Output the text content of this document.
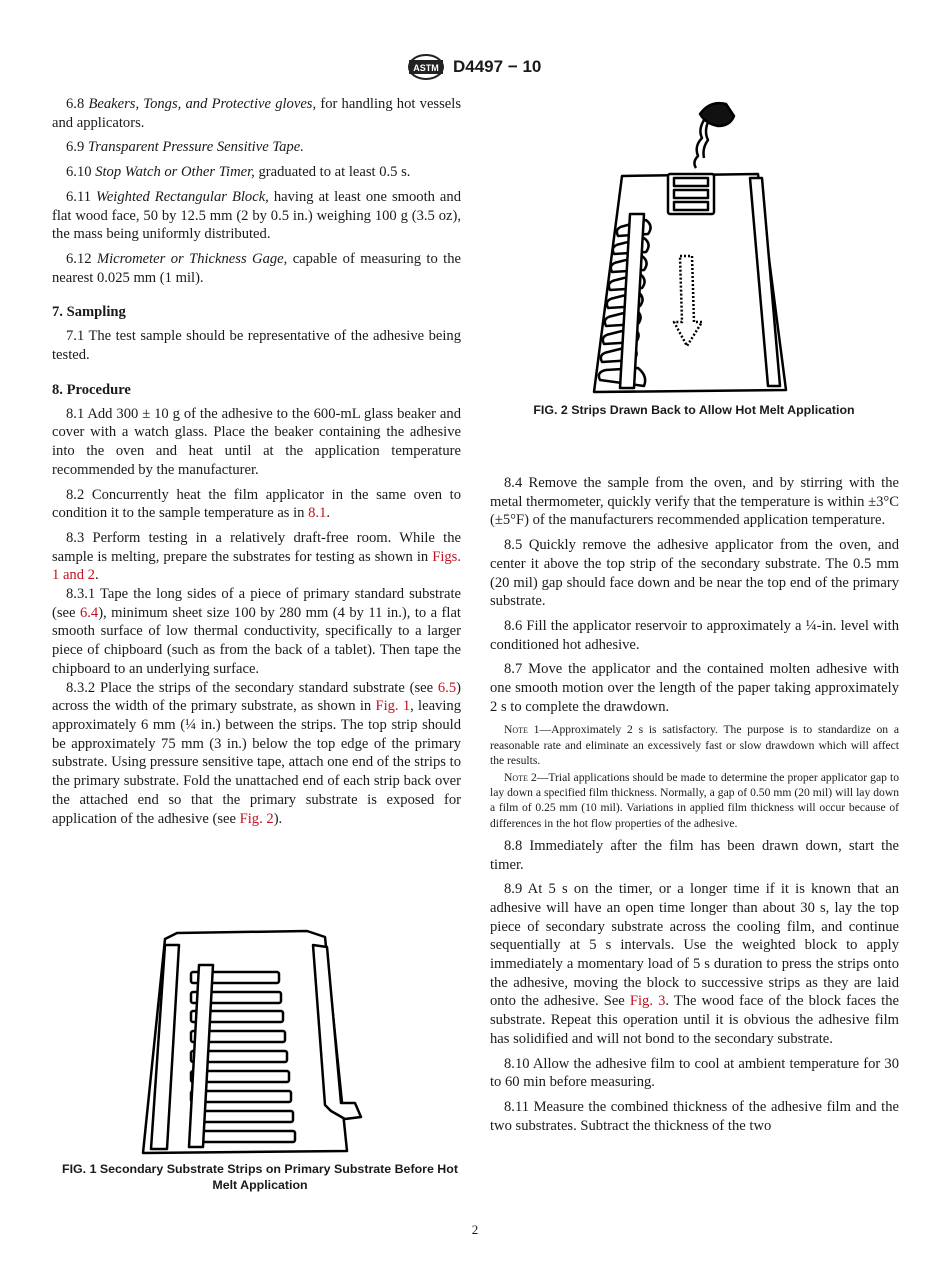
ASTM D4497 − 10

6.8 Beakers, Tongs, and Protective gloves, for handling hot vessels and applicators.

6.9 Transparent Pressure Sensitive Tape.

6.10 Stop Watch or Other Timer, graduated to at least 0.5 s.

6.11 Weighted Rectangular Block, having at least one smooth and flat wood face, 50 by 12.5 mm (2 by 0.5 in.) weighing 100 g (3.5 oz), the mass being uniformly distributed.

6.12 Micrometer or Thickness Gage, capable of measuring to the nearest 0.025 mm (1 mil).

7. Sampling

7.1 The test sample should be representative of the adhesive being tested.

8. Procedure

8.1 Add 300 ± 10 g of the adhesive to the 600-mL glass beaker and cover with a watch glass. Place the beaker containing the adhesive into the oven and heat until at the application temperature recommended by the manufacturer.

8.2 Concurrently heat the film applicator in the same oven to condition it to the sample temperature as in 8.1.

8.3 Perform testing in a relatively draft-free room. While the sample is melting, prepare the substrates for testing as shown in Figs. 1 and 2.

8.3.1 Tape the long sides of a piece of primary standard substrate (see 6.4), minimum sheet size 100 by 280 mm (4 by 11 in.), to a flat smooth surface of low thermal conductivity, specifically to a larger piece of chipboard (such as from the back of a tablet). Then tape the chipboard to an underlying surface.

8.3.2 Place the strips of the secondary standard substrate (see 6.5) across the width of the primary substrate, as shown in Fig. 1, leaving approximately 6 mm (¼ in.) between the strips. The top strip should be approximately 75 mm (3 in.) below the top edge of the primary substrate. Using pressure sensitive tape, attach one end of the strips to the primary substrate. Fold the unattached end of each strip back over the attached end so that the primary substrate is exposed for application of the adhesive (see Fig. 2).

FIG. 1 Secondary Substrate Strips on Primary Substrate Before Hot Melt Application

FIG. 2 Strips Drawn Back to Allow Hot Melt Application

8.4 Remove the sample from the oven, and by stirring with the metal thermometer, quickly verify that the temperature is within ±3°C (±5°F) of the manufacturers recommended application temperature.

8.5 Quickly remove the adhesive applicator from the oven, and center it above the top strip of the secondary substrate. The 0.5 mm (20 mil) gap should face down and be near the top end of the primary substrate.

8.6 Fill the applicator reservoir to approximately a ¼-in. level with conditioned hot adhesive.

8.7 Move the applicator and the contained molten adhesive with one smooth motion over the length of the paper taking approximately 2 s to complete the drawdown.

Note 1—Approximately 2 s is satisfactory. The purpose is to standardize on a reasonable rate and eliminate an excessively fast or slow drawdown which will affect the results.

Note 2—Trial applications should be made to determine the proper applicator gap to lay down a specified film thickness. Normally, a gap of 0.50 mm (20 mil) will lay down a film of 0.25 mm (10 mil). Variations in applied film thickness will occur because of differences in the hot flow properties of the adhesive.

8.8 Immediately after the film has been drawn down, start the timer.

8.9 At 5 s on the timer, or a longer time if it is known that an adhesive will have an open time longer than about 30 s, lay the top piece of secondary substrate across the cooling film, and continue sequentially at 5 s intervals. Use the weighted block to apply immediately a momentary load of 5 s duration to press the strips onto the adhesive, moving the block to successive strips as they are laid onto the adhesive. See Fig. 3. The wood face of the block faces the substrate. Repeat this operation until it is obvious the adhesive film has solidified and will not bond to the secondary substrate.

8.10 Allow the adhesive film to cool at ambient temperature for 30 to 60 min before measuring.

8.11 Measure the combined thickness of the adhesive film and the two substrates. Subtract the thickness of the two

2
